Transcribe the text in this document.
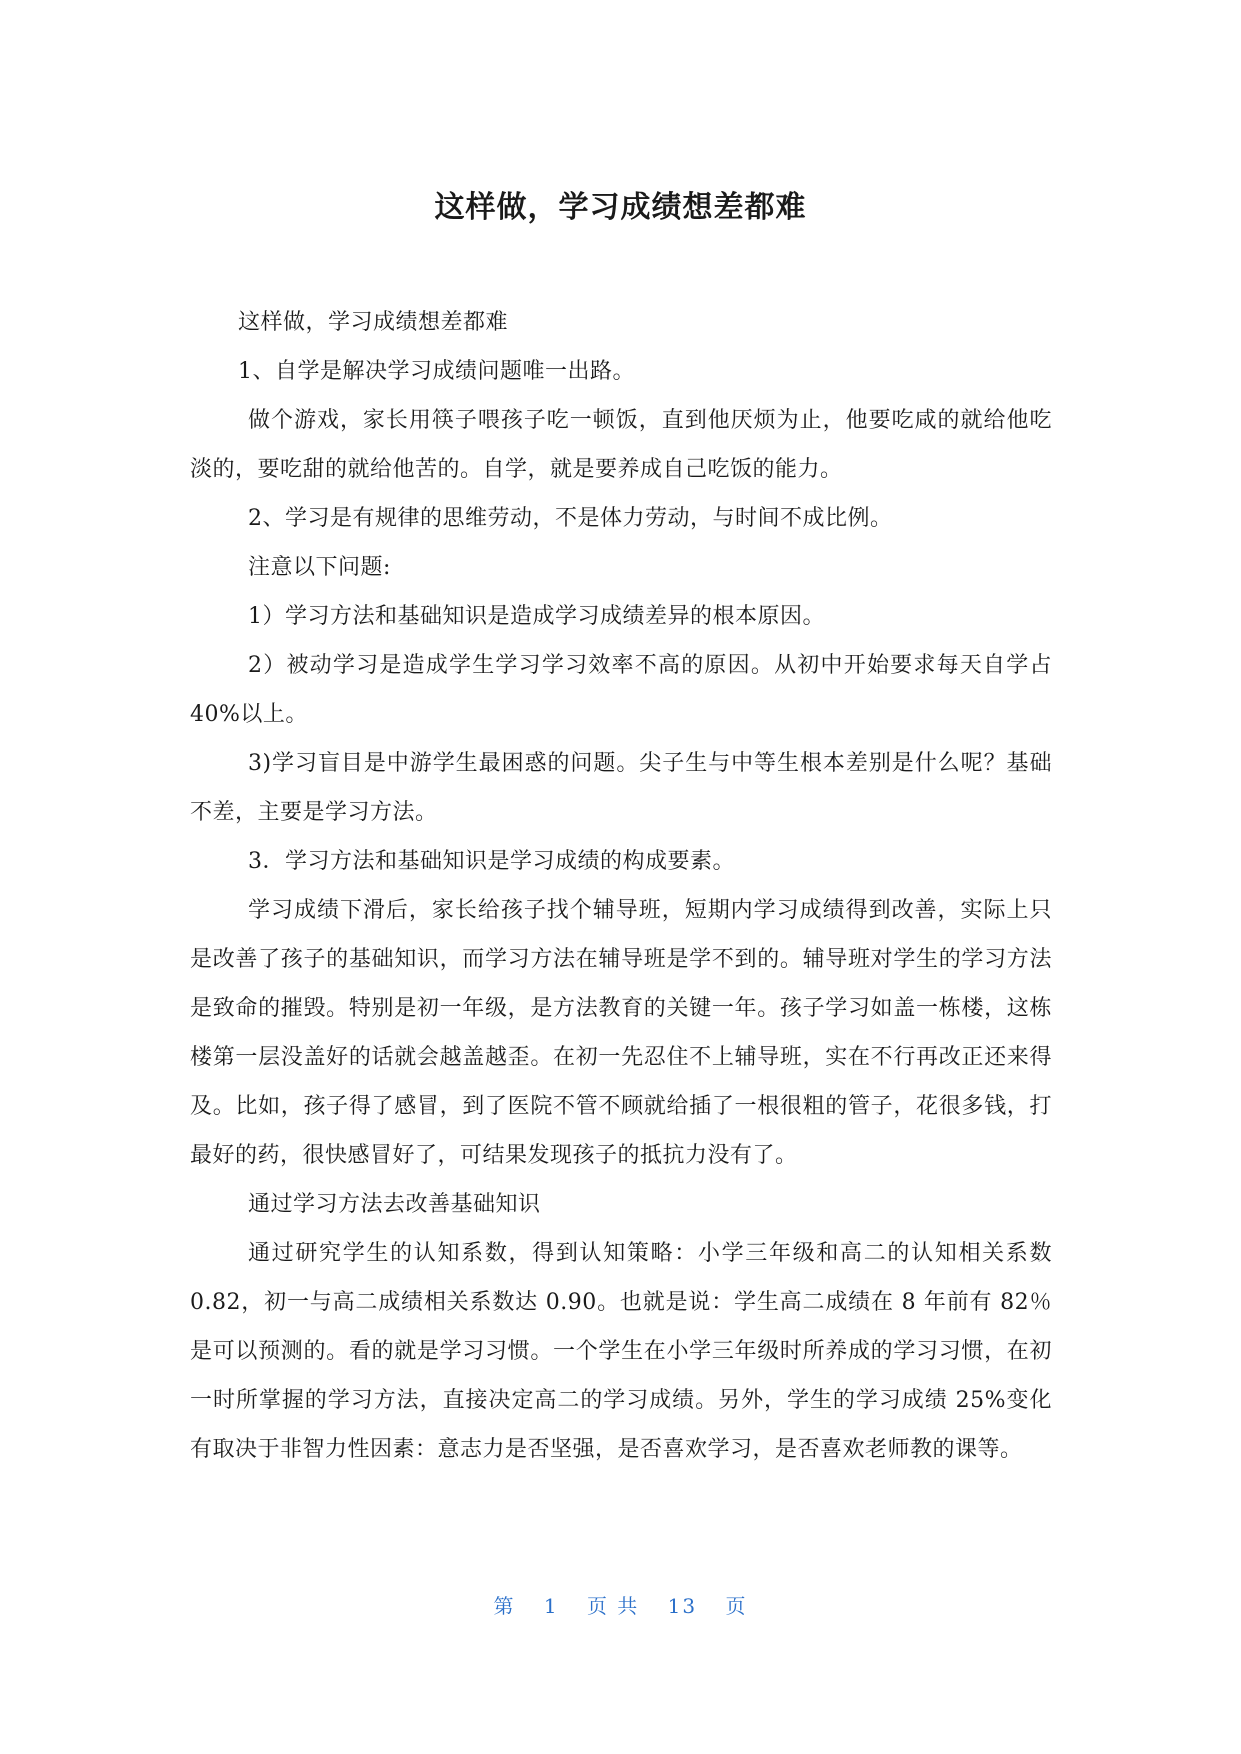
这样做，学习成绩想差都难

这样做，学习成绩想差都难

1、自学是解决学习成绩问题唯一出路。

做个游戏，家长用筷子喂孩子吃一顿饭，直到他厌烦为止，他要吃咸的就给他吃淡的，要吃甜的就给他苦的。自学，就是要养成自己吃饭的能力。

2、学习是有规律的思维劳动，不是体力劳动，与时间不成比例。

注意以下问题:

1）学习方法和基础知识是造成学习成绩差异的根本原因。

2）被动学习是造成学生学习学习效率不高的原因。从初中开始要求每天自学占 40%以上。

3)学习盲目是中游学生最困惑的问题。尖子生与中等生根本差别是什么呢？基础不差，主要是学习方法。

3．学习方法和基础知识是学习成绩的构成要素。

学习成绩下滑后，家长给孩子找个辅导班，短期内学习成绩得到改善，实际上只是改善了孩子的基础知识，而学习方法在辅导班是学不到的。辅导班对学生的学习方法是致命的摧毁。特别是初一年级，是方法教育的关键一年。孩子学习如盖一栋楼，这栋楼第一层没盖好的话就会越盖越歪。在初一先忍住不上辅导班，实在不行再改正还来得及。比如，孩子得了感冒，到了医院不管不顾就给插了一根很粗的管子，花很多钱，打最好的药，很快感冒好了，可结果发现孩子的抵抗力没有了。

通过学习方法去改善基础知识

通过研究学生的认知系数，得到认知策略：小学三年级和高二的认知相关系数 0.82，初一与高二成绩相关系数达 0.90。也就是说：学生高二成绩在 8 年前有 82％是可以预测的。看的就是学习习惯。一个学生在小学三年级时所养成的学习习惯，在初一时所掌握的学习方法，直接决定高二的学习成绩。另外，学生的学习成绩 25%变化有取决于非智力性因素：意志力是否坚强，是否喜欢学习，是否喜欢老师教的课等。

第 1 页 共 13 页
